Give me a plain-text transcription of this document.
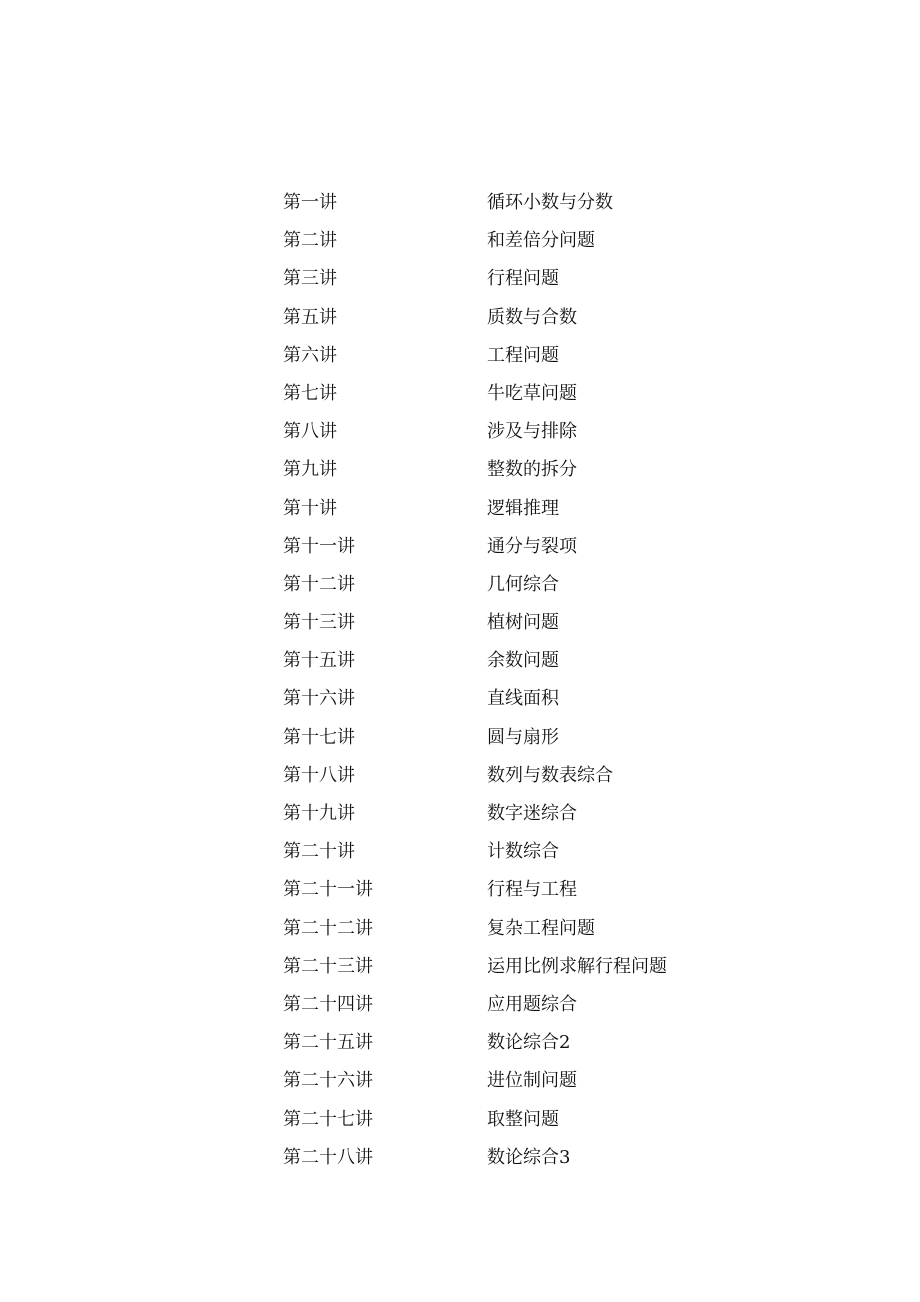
第一讲	循环小数与分数
第二讲	和差倍分问题
第三讲	行程问题
第五讲	质数与合数
第六讲	工程问题
第七讲	牛吃草问题
第八讲	涉及与排除
第九讲	整数的拆分
第十讲	逻辑推理
第十一讲	通分与裂项
第十二讲	几何综合
第十三讲	植树问题
第十五讲	余数问题
第十六讲	直线面积
第十七讲	圆与扇形
第十八讲	数列与数表综合
第十九讲	数字迷综合
第二十讲	计数综合
第二十一讲	行程与工程
第二十二讲	复杂工程问题
第二十三讲	运用比例求解行程问题
第二十四讲	应用题综合
第二十五讲	数论综合2
第二十六讲	进位制问题
第二十七讲	取整问题
第二十八讲	数论综合3
